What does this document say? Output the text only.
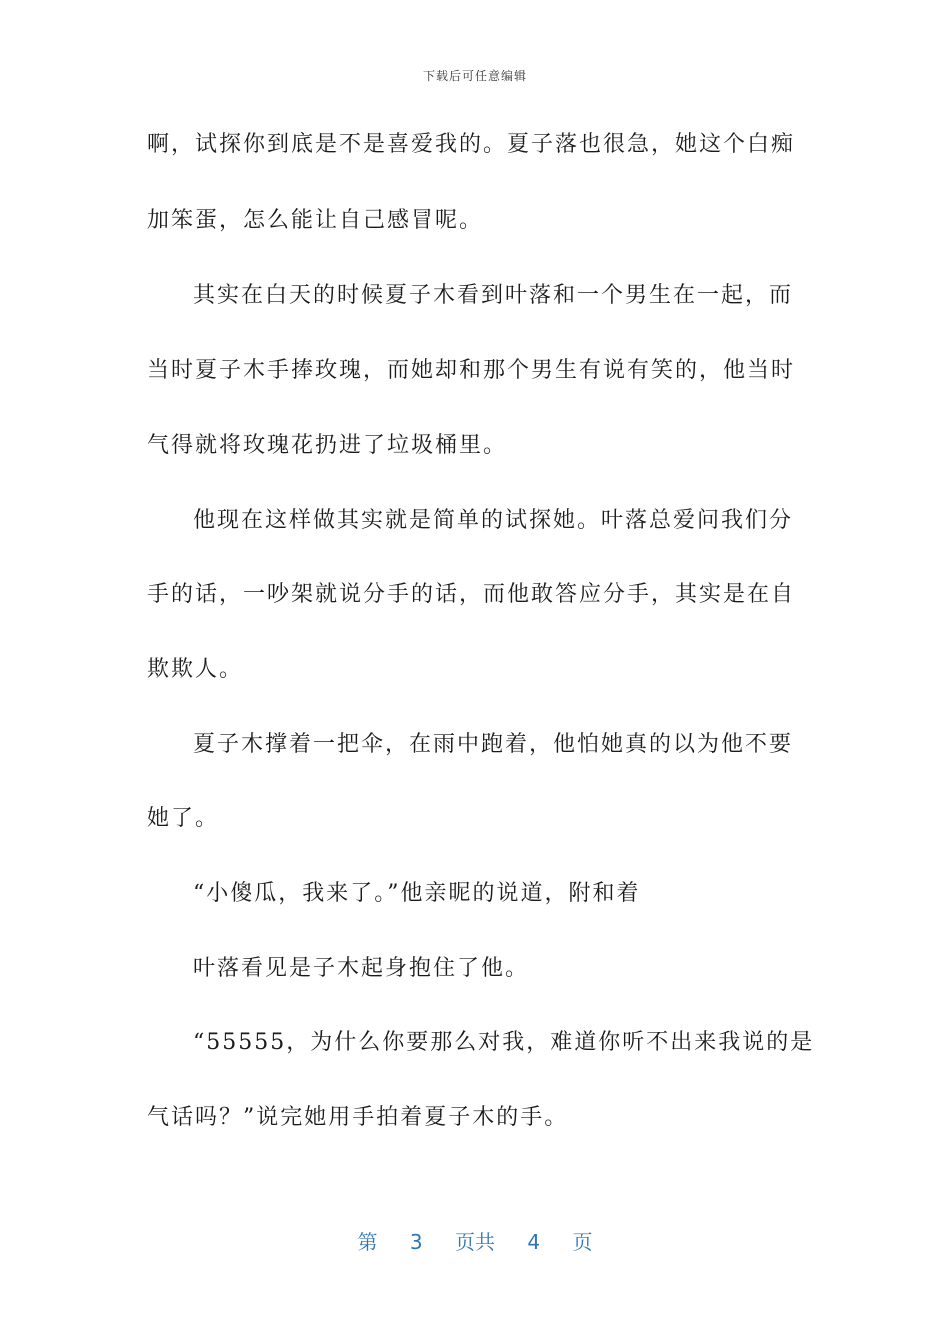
下载后可任意编辑
啊，试探你到底是不是喜爱我的。夏子落也很急，她这个白痴
加笨蛋，怎么能让自己感冒呢。
其实在白天的时候夏子木看到叶落和一个男生在一起，而
当时夏子木手捧玫瑰，而她却和那个男生有说有笑的，他当时
气得就将玫瑰花扔进了垃圾桶里。
他现在这样做其实就是简单的试探她。叶落总爱问我们分
手的话，一吵架就说分手的话，而他敢答应分手，其实是在自
欺欺人。
夏子木撑着一把伞，在雨中跑着，他怕她真的以为他不要
她了。
“小傻瓜，我来了。”他亲昵的说道，附和着
叶落看见是子木起身抱住了他。
“55555，为什么你要那么对我，难道你听不出来我说的是
气话吗？”说完她用手拍着夏子木的手。
第 3 页共 4 页
